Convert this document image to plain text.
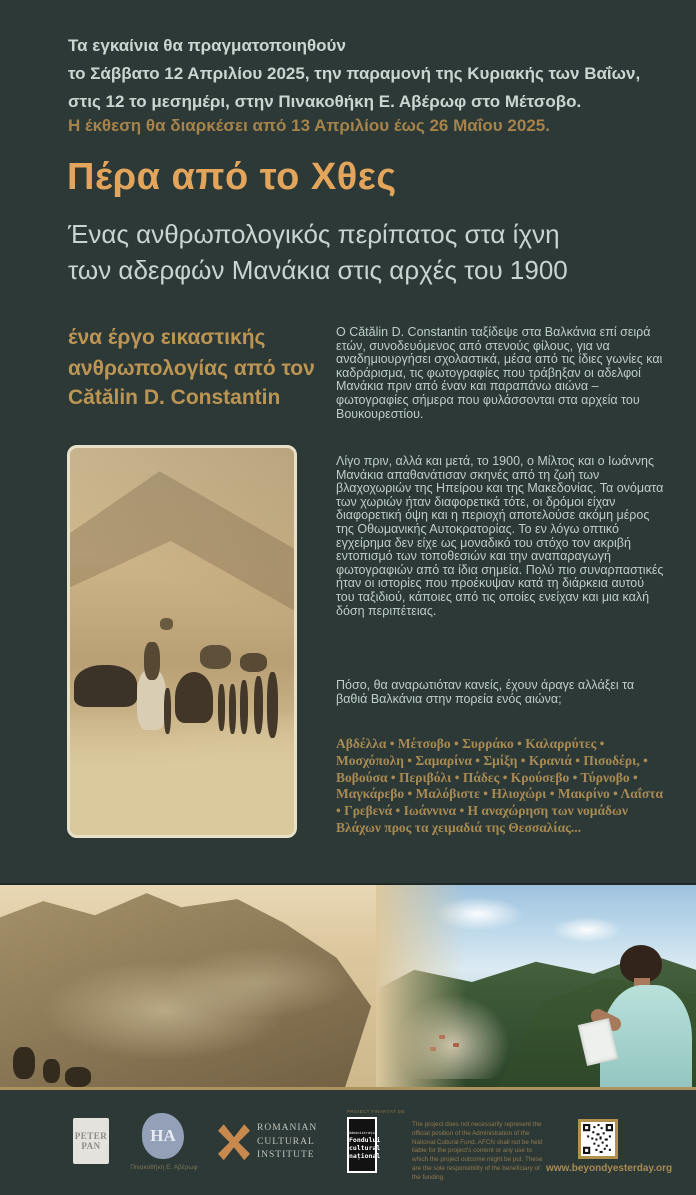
Τα εγκαίνια θα πραγματοποιηθούν
το Σάββατο 12 Απριλίου 2025, την παραμονή της Κυριακής των Βαΐων,
στις 12 το μεσημέρι, στην Πινακοθήκη Ε. Αβέρωφ στο Μέτσοβο.
Η έκθεση θα διαρκέσει από 13 Απριλίου έως 26 Μαΐου 2025.
Πέρα από το Χθες
Ένας ανθρωπολογικός περίπατος στα ίχνη
των αδερφών Μανάκια στις αρχές του 1900
ένα έργο εικαστικής
ανθρωπολογίας από τον
Cătălin D. Constantin
Ο Cătălin D. Constantin ταξίδεψε στα Βαλκάνια επί σειρά ετών, συνοδευόμενος από στενούς φίλους, για να αναδημιουργήσει σχολαστικά, μέσα από τις ίδιες γωνίες και καδράρισμα, τις φωτογραφίες που τράβηξαν οι αδελφοί Μανάκια πριν από έναν και παραπάνω αιώνα – φωτογραφίες σήμερα που φυλάσσονται στα αρχεία του Βουκουρεστίου.
Λίγο πριν, αλλά και μετά, το 1900, ο Μίλτος και ο Ιωάννης Μανάκια απαθανάτισαν σκηνές από τη ζωή των βλαχοχωριών της Ηπείρου και της Μακεδονίας. Τα ονόματα των χωριών ήταν διαφορετικά τότε, οι δρόμοι είχαν διαφορετική όψη και η περιοχή αποτελούσε ακόμη μέρος της Οθωμανικής Αυτοκρατορίας. Το εν λόγω οπτικό εγχείρημα δεν είχε ως μοναδικό του στόχο τον ακριβή εντοπισμό των τοποθεσιών και την αναπαραγωγή φωτογραφιών από τα ίδια σημεία. Πολύ πιο συναρπαστικές ήταν οι ιστορίες που προέκυψαν κατά τη διάρκεια αυτού του ταξιδιού, κάποιες από τις οποίες ενείχαν και μια καλή δόση περιπέτειας.
Πόσο, θα αναρωτιόταν κανείς, έχουν άραγε αλλάξει τα βαθιά Βαλκάνια στην πορεία ενός αιώνα;
Αβδέλλα • Μέτσοβο • Συρράκο • Καλαρρύτες • Μοσχόπολη • Σαμαρίνα • Σμίξη • Κρανιά • Πισοδέρι, • Βοβούσα • Περιβόλι • Πάδες • Κρούσεβο • Τύρνοβο • Μαγκάρεβο • Μαλόβιστε • Ηλιοχώρι • Μακρίνο • Λαΐστα • Γρεβενά • Ιωάννινα • Η αναχώρηση των νομάδων Βλάχων προς τα χειμαδιά της Θεσσαλίας...
PETER
PAN
ΗΑ
Πινακοθήκη Ε. Αβέρωφ
ROMANIAN
CULTURAL
INSTITUTE
PROIECT FINANȚAT DE
Administrația
Fondului
cultural
național
The project does not necessarily represent the official position of the Administration of the National Cultural Fund. AFCN shall not be held liable for the project's content or any use to which the project outcome might be put. These are the sole responsibility of the beneficiary of the funding.
www.beyondyesterday.org
